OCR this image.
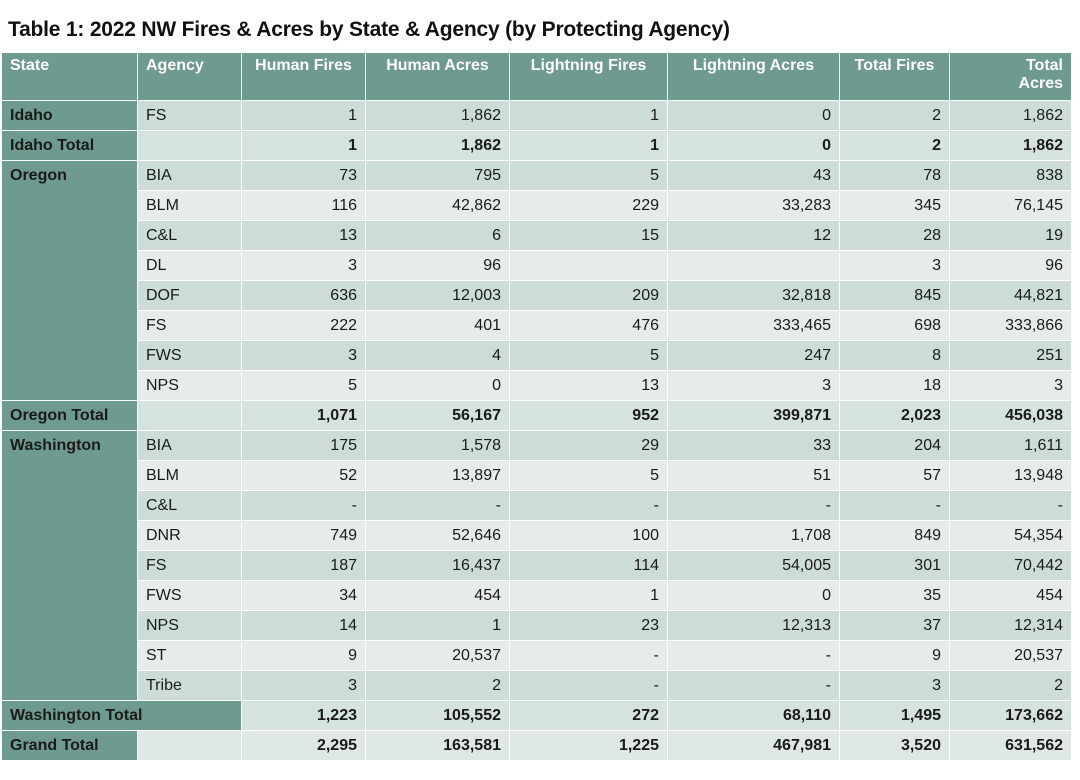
Table 1: 2022 NW Fires & Acres by State & Agency (by Protecting Agency)
State	Agency	Human Fires	Human Acres	Lightning Fires	Lightning Acres	Total Fires	Total
Acres
Idaho	FS	1	1,862	1	0	2	1,862
Idaho Total		1	1,862	1	0	2	1,862
Oregon	BIA	73	795	5	43	78	838
	BLM	116	42,862	229	33,283	345	76,145
	C&L	13	6	15	12	28	19
	DL	3	96			3	96
	DOF	636	12,003	209	32,818	845	44,821
	FS	222	401	476	333,465	698	333,866
	FWS	3	4	5	247	8	251
	NPS	5	0	13	3	18	3
Oregon Total		1,071	56,167	952	399,871	2,023	456,038
Washington	BIA	175	1,578	29	33	204	1,611
	BLM	52	13,897	5	51	57	13,948
	C&L	-	-	-	-	-	-
	DNR	749	52,646	100	1,708	849	54,354
	FS	187	16,437	114	54,005	301	70,442
	FWS	34	454	1	0	35	454
	NPS	14	1	23	12,313	37	12,314
	ST	9	20,537	-	-	9	20,537
	Tribe	3	2	-	-	3	2
Washington Total		1,223	105,552	272	68,110	1,495	173,662
Grand Total		2,295	163,581	1,225	467,981	3,520	631,562
